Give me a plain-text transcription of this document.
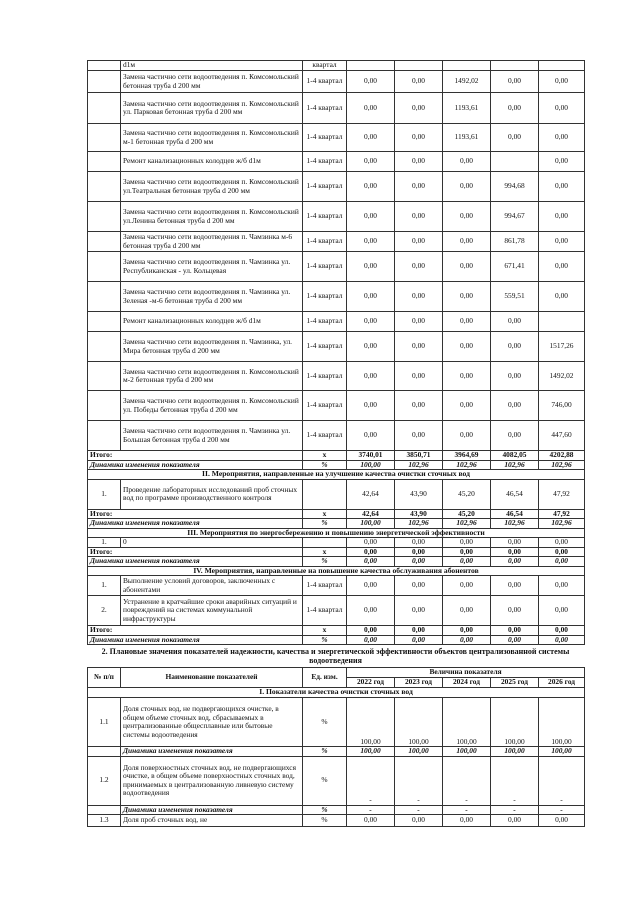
	d1м	квартал					
	Замена частично сети водоотведения п. Комсомольский бетонная труба d 200 мм	1-4 квартал	0,00	0,00	1492,02	0,00	0,00
	Замена частично сети водоотведения п. Комсомольский ул. Парковая бетонная труба d 200 мм	1-4 квартал	0,00	0,00	1193,61	0,00	0,00
	Замена частично сети водоотведения п. Комсомольский м-1 бетонная труба d 200 мм	1-4 квартал	0,00	0,00	1193,61	0,00	0,00
	Ремонт канализационных колодцев ж/б d1м	1-4 квартал	0,00	0,00	0,00		0,00
	Замена частично сети водоотведения п. Комсомольский ул.Театральная бетонная труба d 200 мм	1-4 квартал	0,00	0,00	0,00	994,68	0,00
	Замена частично сети водоотведения п. Комсомольский ул.Ленина бетонная труба d 200 мм	1-4 квартал	0,00	0,00	0,00	994,67	0,00
	Замена частично сети водоотведения п. Чамзинка м-6 бетонная труба d 200 мм	1-4 квартал	0,00	0,00	0,00	861,78	0,00
	Замена частично сети водоотведения п. Чамзинка ул. Республиканская - ул. Кольцевая	1-4 квартал	0,00	0,00	0,00	671,41	0,00
	Замена частично сети водоотведения п. Чамзинка ул. Зеленая -м-6 бетонная труба d 200 мм	1-4 квартал	0,00	0,00	0,00	559,51	0,00
	Ремонт канализационных колодцев ж/б d1м	1-4 квартал	0,00	0,00	0,00	0,00	
	Замена частично сети водоотведения п. Чамзинка, ул. Мира бетонная труба d 200 мм	1-4 квартал	0,00	0,00	0,00	0,00	1517,26
	Замена частично сети водоотведения п. Комсомольский м-2 бетонная труба d 200 мм	1-4 квартал	0,00	0,00	0,00	0,00	1492,02
	Замена частично сети водоотведения п. Комсомольский ул. Победы бетонная труба d 200 мм	1-4 квартал	0,00	0,00	0,00	0,00	746,00
	Замена частично сети водоотведения п. Чамзинка ул. Большая бетонная труба d 200 мм	1-4 квартал	0,00	0,00	0,00	0,00	447,60
Итого:		х	3740,01	3850,71	3964,69	4082,05	4202,88
Динамика изменения показателя		%	100,00	102,96	102,96	102,96	102,96
II. Мероприятия, направленные на улучшение качества очистки сточных вод							
1.	Проведение лабораторных исследований проб сточных вод по программе производственного контроля		42,64	43,90	45,20	46,54	47,92
Итого:		х	42,64	43,90	45,20	46,54	47,92
Динамика изменения показателя		%	100,00	102,96	102,96	102,96	102,96
III. Мероприятия по энергосбережению и повышению энергетической эффективности							
1.	0		0,00	0,00	0,00	0,00	0,00
Итого:		х	0,00	0,00	0,00	0,00	0,00
Динамика изменения показателя		%	0,00	0,00	0,00	0,00	0,00
IV. Мероприятия, направленные на повышение качества обслуживания абонентов							
1.	Выполнение условий договоров, заключенных с абонентами	1-4 квартал	0,00	0,00	0,00	0,00	0,00
2.	Устранение в кратчайшие сроки аварийных ситуаций и повреждений на системах коммунальной инфраструктуры	1-4 квартал	0,00	0,00	0,00	0,00	0,00
Итого:		х	0,00	0,00	0,00	0,00	0,00
Динамика изменения показателя		%	0,00	0,00	0,00	0,00	0,00
2. Плановые значения показателей надежности, качества и энергетической эффективности объектов централизованной системы водоотведения
№ п/п	Наименование показателей	Ед. изм.	Величина показателя				
			2022 год	2023 год	2024 год	2025 год	2026 год
I. Показатели качества очистки сточных вод							
1.1	Доля сточных вод, не подвергающихся очистке, в общем объеме сточных вод, сбрасываемых в централизованные общесплавные или бытовые системы водоотведения	%	100,00	100,00	100,00	100,00	100,00
	Динамика изменения показателя	%	100,00	100,00	100,00	100,00	100,00
1.2	Доля поверхностных сточных вод, не подвергающихся очистке, в общем объеме поверхностных сточных вод, принимаемых в централизованную ливневую систему водоотведения	%	-	-	-	-	-
	Динамика изменения показателя	%	-	-	-	-	-
1.3	Доля проб сточных вод, не	%	0,00	0,00	0,00	0,00	0,00
